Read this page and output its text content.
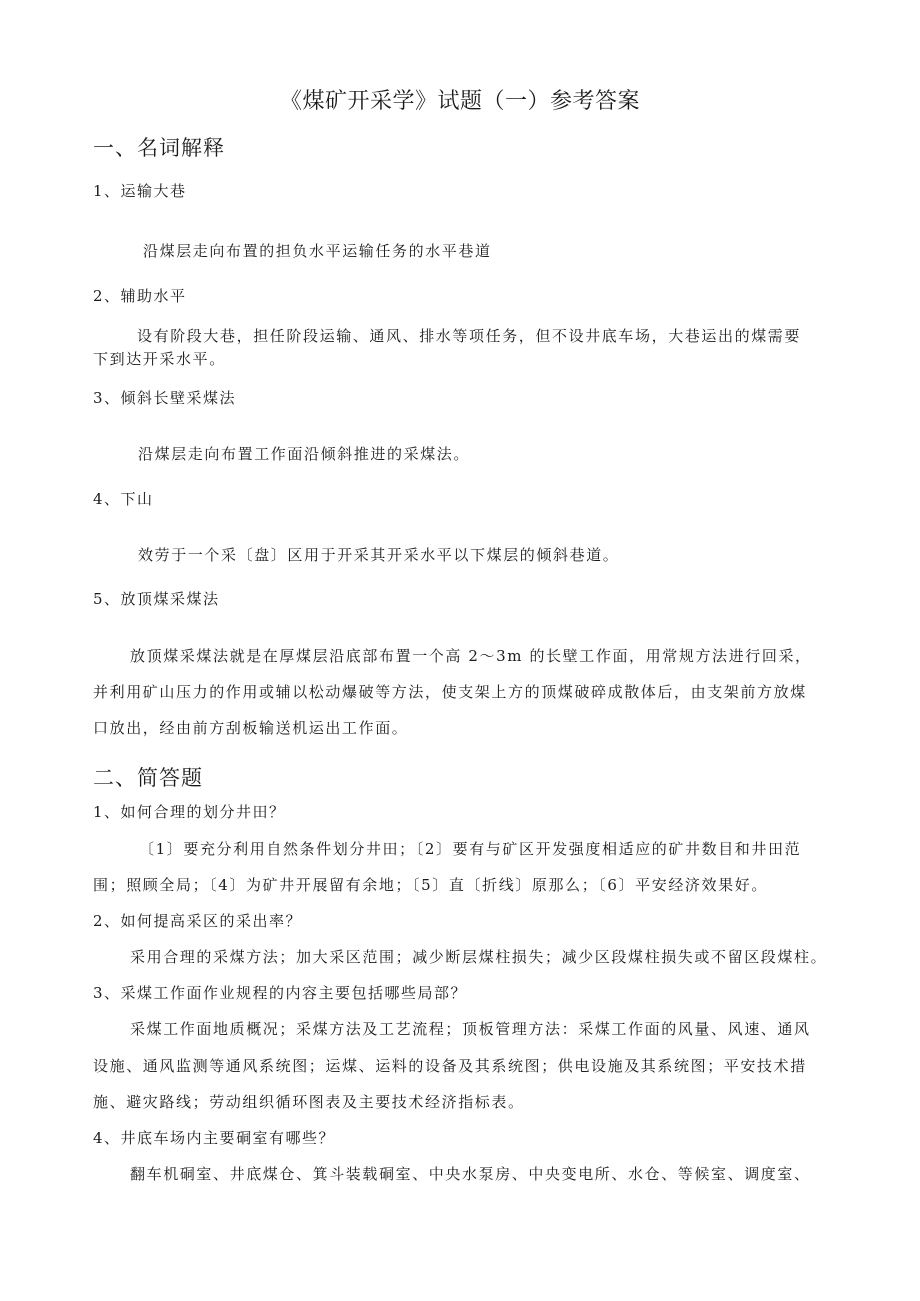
《煤矿开采学》试题（一）参考答案
一、名词解释
1、运输大巷
沿煤层走向布置的担负水平运输任务的水平巷道
2、辅助水平
设有阶段大巷，担任阶段运输、通风、排水等项任务，但不设井底车场，大巷运出的煤需要
下到达开采水平。
3、倾斜长壁采煤法
沿煤层走向布置工作面沿倾斜推进的采煤法。
4、下山
效劳于一个采〔盘〕区用于开采其开采水平以下煤层的倾斜巷道。
5、放顶煤采煤法
放顶煤采煤法就是在厚煤层沿底部布置一个高 2～3m 的长壁工作面，用常规方法进行回采，
并利用矿山压力的作用或辅以松动爆破等方法，使支架上方的顶煤破碎成散体后，由支架前方放煤
口放出，经由前方刮板输送机运出工作面。
二、简答题
1、如何合理的划分井田？
〔1〕要充分利用自然条件划分井田；〔2〕要有与矿区开发强度相适应的矿井数目和井田范
围；照顾全局；〔4〕为矿井开展留有余地；〔5〕直〔折线〕原那么；〔6〕平安经济效果好。
2、如何提高采区的采出率？
采用合理的采煤方法；加大采区范围；减少断层煤柱损失；减少区段煤柱损失或不留区段煤柱。
3、采煤工作面作业规程的内容主要包括哪些局部？
采煤工作面地质概况；采煤方法及工艺流程；顶板管理方法：采煤工作面的风量、风速、通风
设施、通风监测等通风系统图；运煤、运料的设备及其系统图；供电设施及其系统图；平安技术措
施、避灾路线；劳动组织循环图表及主要技术经济指标表。
4、井底车场内主要硐室有哪些？
翻车机硐室、井底煤仓、箕斗装载硐室、中央水泵房、中央变电所、水仓、等候室、调度室、
